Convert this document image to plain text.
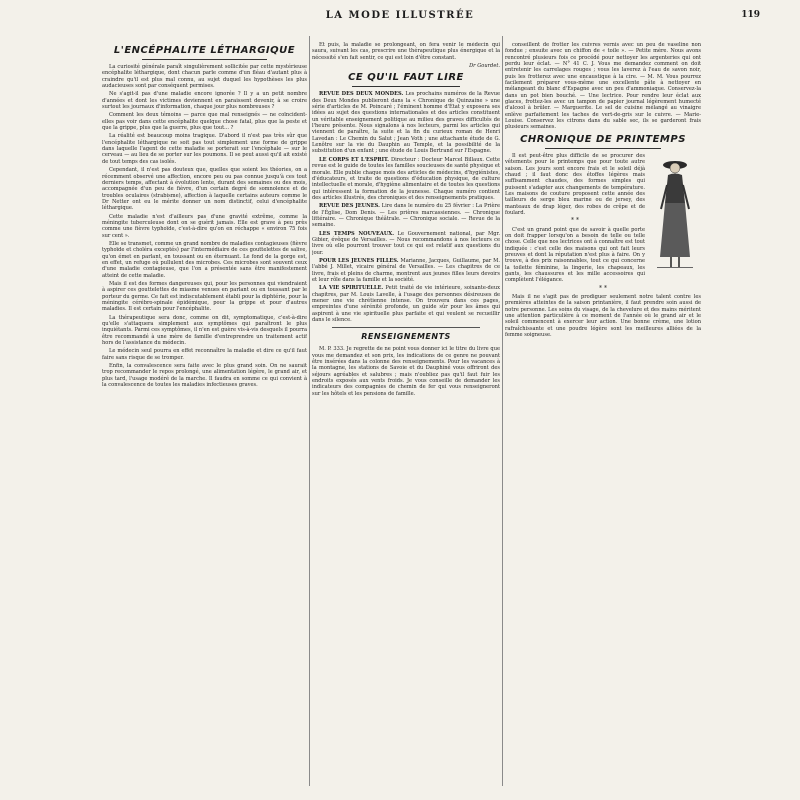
LA MODE ILLUSTRÉE	119
L'ENCÉPHALITE LÉTHARGIQUE

La curiosité générale paraît singulièrement sollicitée par cette mystérieuse encéphalite léthargique, dont chacun parle comme d'un fléau d'autant plus à craindre qu'il est plus mal connu, au sujet duquel les hypothèses les plus audacieuses sont par conséquent permises.

Ne s'agit-il pas d'une maladie encore ignorée ? Il y a un petit nombre d'années et dont les victimes deviennent en paraissent devenir, à se croire surtout les journaux d'information, chaque jour plus nombreuses ?

Comment les deux témoins — parce que mal renseignés — ne coïncident-elles pas voir dans cette encéphalite quelque chose fatal, plus que la peste et que la grippe, plus que la guerre, plus que tout... ?

La réalité est beaucoup moins tragique. D'abord il n'est pas très sûr que l'encéphalite léthargique ne soit pas tout simplement une forme de grippe dans laquelle l'agent de cette maladie se porterait sur l'encéphale — sur le cerveau — au lieu de se porter sur les poumons. Il se peut aussi qu'il ait existé de tout temps des cas isolés.

Cependant, il n'est pas douteux que, quelles que soient les théories, on a récemment observé une affection, encore peu ou pas connue jusqu'à ces tout derniers temps, affectant à évolution lente, durant des semaines ou des mois, accompagnée d'un peu de fièvre, d'un certain degré de somnolence et de troubles oculaires (strabisme), affection à laquelle certains auteurs comme le Dr Netter ont eu le mérite donner un nom distinctif, celui d'encéphalite léthargique.

Cette maladie n'est d'ailleurs pas d'une gravité extrême, comme la méningite tuberculeuse dont on se guérit jamais. Elle est grave à peu près comme une fièvre typhoïde, c'est-à-dire qu'on en réchappe « environ 75 fois sur cent ».

Elle se transmet, comme un grand nombre de maladies contagieuses (fièvre typhoïde et choléra exceptés) par l'intermédiaire de ces gouttelettes de salive, qu'on émet en parlant, en toussant ou en éternuant. Le fond de la gorge est, en effet, un refuge où pullulent des microbes. Ces microbes sont souvent ceux d'une maladie contagieuse, que l'on a présentée sans être manifestement atteint de cette maladie.

Mais il est des formes dangereuses qui, pour les personnes qui viendraient à aspirer ces gouttelettes de miasme venues en parlant ou en toussant par le porteur du germe. Ce fait est indiscutablement établi pour la diphtérie, pour la méningite cérébro-spinale épidémique, pour la grippe et pour d'autres maladies. Il est certain pour l'encéphalite.

La thérapeutique sera donc, comme on dit, symptomatique, c'est-à-dire qu'elle s'attaquera simplement aux symptômes qui paraîtront le plus inquiétants. Parmi ces symptômes, il n'en est guère vis-à-vis desquels il pourra être recommandé à une mère de famille d'entreprendre un traitement actif hors de l'assistance du médecin.

Le médecin seul pourra en effet reconnaître la maladie et dire ce qu'il faut faire sans risque de se tromper.

Enfin, la convalescence sera faite avec le plus grand soin. On ne saurait trop recommander le repos prolongé, une alimentation légère, le grand air, et plus tard, l'usage modéré de la marche. Il faudra en somme ce qui convient à la convalescence de toutes les maladies infectieuses graves.

Et puis, la maladie se prolongeant, on fera venir le médecin qui saura, suivant les cas, prescrire une thérapeutique plus énergique et la nécessité s'en fait sentir, ce qui est loin d'être constant.

Dr Gourdet.
CE QU'IL FAUT LIRE

REVUE DES DEUX MONDES. Les prochains numéros de la Revue des Deux Mondes publieront dans la « Chronique de Quinzaine » une série d'articles de M. Poincaré ; l'éminent homme d'État y exposera ses idées au sujet des questions internationales et des articles constituent un véritable enseignement politique au milieu des graves difficultés de l'heure présente. Nous signalons à nos lecteurs, parmi les articles qui viennent de paraître, la suite et la fin du curieux roman de Henri Lavedan : Le Chemin du Salut ; Jean Voth ; une attachante étude de G. Lenôtre sur la vie du Dauphin au Temple, et la possibilité de la substitution d'un enfant ; une étude de Louis Bertrand sur l'Espagne.

LE CORPS ET L'ESPRIT. Directeur : Docteur Marcel Billaux. Cette revue est le guide de toutes les familles soucieuses de santé physique et morale. Elle publie chaque mois des articles de médecins, d'hygiénistes, d'éducateurs, et traite de questions d'éducation physique, de culture intellectuelle et morale, d'hygiène alimentaire et de toutes les questions qui intéressent la formation de la jeunesse. Chaque numéro contient des articles illustrés, des chroniques et des renseignements pratiques.

REVUE DES JEUNES. Lire dans le numéro du 25 février : La Prière de l'Église, Dom Denis. — Les prières marcassiennes. — Chronique littéraire. — Chronique théâtrale. — Chronique sociale. — Revue de la semaine.

LES TEMPS NOUVEAUX. Le Gouvernement national, par Mgr. Gibier, évêque de Versailles. — Nous recommandons à nos lecteurs ce livre où elle pourront trouver tout ce qui est relatif aux questions du jour.

POUR LES JEUNES FILLES. Marianne, Jacques, Guillaume, par M. l'abbé J. Millet, vicaire général de Versailles. — Les chapitres de ce livre, frais et pleins de charme, montrent aux jeunes filles leurs devoirs et leur rôle dans la famille et la société.

LA VIE SPIRITUELLE. Petit traité de vie intérieure, soixante-deux chapitres, par M. Louis Lavelle, à l'usage des personnes désireuses de mener une vie chrétienne intense. On trouvera dans ces pages, empreintes d'une sérénité profonde, un guide sûr pour les âmes qui aspirent à une vie spirituelle plus parfaite et qui veulent se recueillir dans le silence.

RENSEIGNEMENTS

M. P. 333. Je regrette de ne point vous donner ici le titre du livre que vous me demandez et son prix, les indications de ce genre ne pouvant être insérées dans la colonne des renseignements. Pour les vacances à la montagne, les stations de Savoie et du Dauphiné vous offriront des séjours agréables et salubres ; mais n'oubliez pas qu'il faut fuir les endroits exposés aux vents froids. Je vous conseille de demander les indicateurs des compagnies de chemin de fer qui vous renseigneront sur les hôtels et les pensions de famille.

conseillent de frotter les cuivres vernis avec un peu de vaseline non fondue ; ensuite avec un chiffon de « toile ». — Petite mère. Nous avons rencontré plusieurs fois ce procédé pour nettoyer les argenteries qui ont perdu leur éclat. — N° 41 C. J. Vous me demandez comment on doit entretenir les carrelages rouges ; vous les laverez à l'eau de savon noir, puis les frotterez avec une encaustique à la cire. — M. M. Vous pourrez facilement préparer vous-même une excellente pâte à nettoyer en mélangeant du blanc d'Espagne avec un peu d'ammoniaque. Conservez-la dans un pot bien bouché. — Une lectrice. Pour rendre leur éclat aux glaces, frottez-les avec un tampon de papier journal légèrement humecté d'alcool à brûler. — Marguerite. Le sel de cuisine mélangé au vinaigre enlève parfaitement les taches de vert-de-gris sur le cuivre. — Marie-Louise. Conservez les citrons dans du sable sec, ils se garderont frais plusieurs semaines.

CHRONIQUE DE PRINTEMPS

Il est peut-être plus difficile de se procurer des vêtements pour le printemps que pour toute autre saison. Les jours sont encore frais et le soleil déjà chaud ; il faut donc des étoffes légères mais suffisamment chaudes, des formes simples qui puissent s'adapter aux changements de température. Les maisons de couture proposent cette année des tailleurs de serge bleu marine ou de jersey, des manteaux de drap léger, des robes de crêpe et de foulard.

* *

C'est un grand point que de savoir à quelle porte on doit frapper lorsqu'on a besoin de telle ou telle chose. Celle que nos lectrices ont à connaître est tout indiquée : c'est celle des maisons qui ont fait leurs preuves et dont la réputation n'est plus à faire. On y trouve, à des prix raisonnables, tout ce qui concerne la toilette féminine, la lingerie, les chapeaux, les gants, les chaussures et les mille accessoires qui complètent l'élégance.

* *

Mais il ne s'agit pas de prodiguer seulement notre talent contre les premières atteintes de la saison printanière, il faut prendre soin aussi de notre personne. Les soins du visage, de la chevelure et des mains méritent une attention particulière à ce moment de l'année où le grand air et le soleil commencent à exercer leur action. Une bonne crème, une lotion rafraîchissante et une poudre légère sont les meilleures alliées de la femme soigneuse.
